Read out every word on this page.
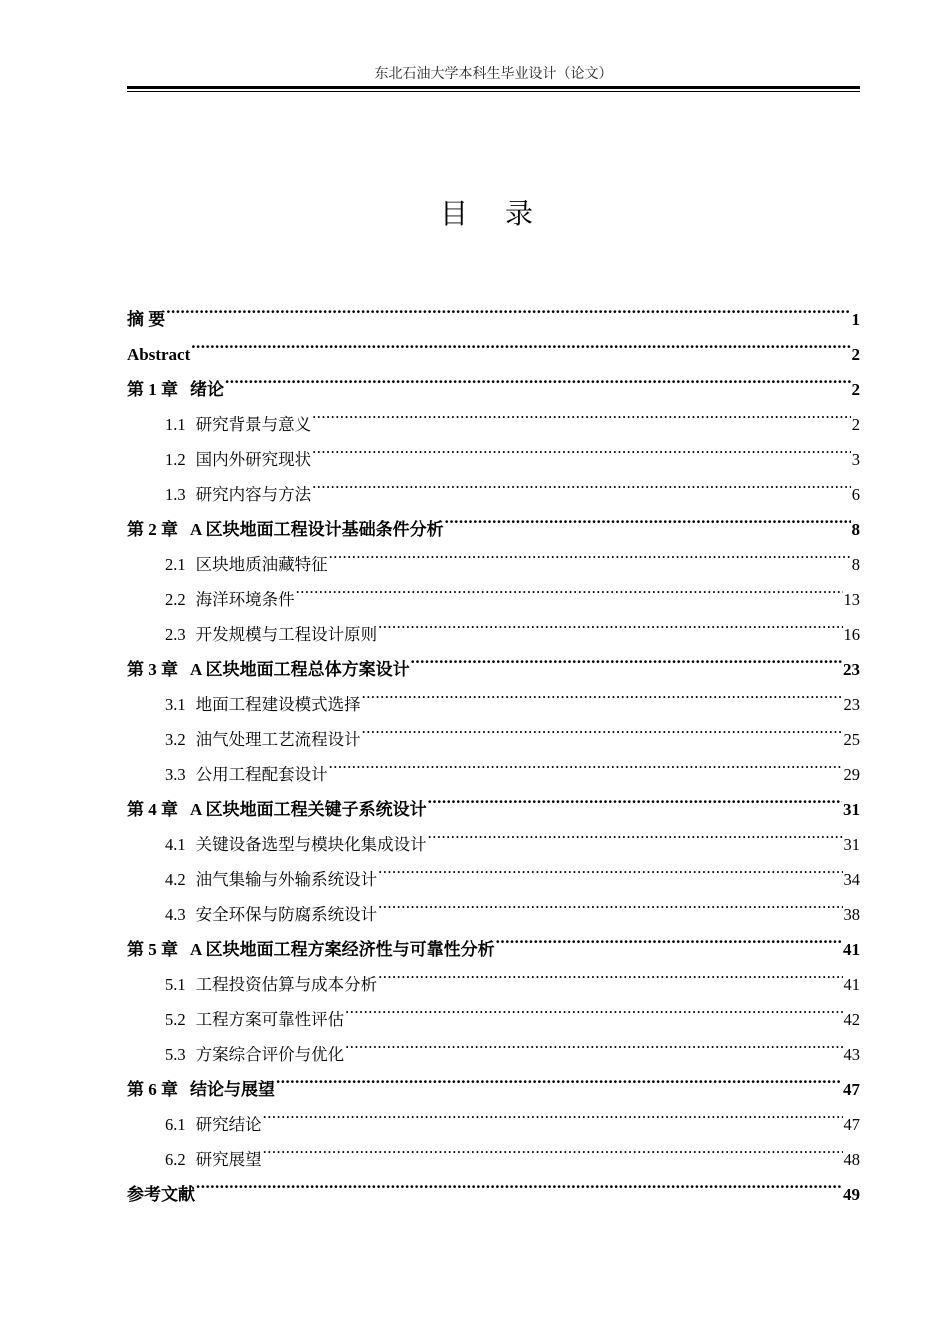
东北石油大学本科生毕业设计（论文）
目 录
摘 要 .....	1
Abstract .....	2
第 1 章 绪论 .....	2
1.1 研究背景与意义 .....	2
1.2 国内外研究现状 .....	3
1.3 研究内容与方法 .....	6
第 2 章 A 区块地面工程设计基础条件分析 .....	8
2.1 区块地质油藏特征 .....	8
2.2 海洋环境条件 .....	13
2.3 开发规模与工程设计原则 .....	16
第 3 章 A 区块地面工程总体方案设计 .....	23
3.1 地面工程建设模式选择 .....	23
3.2 油气处理工艺流程设计 .....	25
3.3 公用工程配套设计 .....	29
第 4 章 A 区块地面工程关键子系统设计 .....	31
4.1 关键设备选型与模块化集成设计 .....	31
4.2 油气集输与外输系统设计 .....	34
4.3 安全环保与防腐系统设计 .....	38
第 5 章 A 区块地面工程方案经济性与可靠性分析 .....	41
5.1 工程投资估算与成本分析 .....	41
5.2 工程方案可靠性评估 .....	42
5.3 方案综合评价与优化 .....	43
第 6 章 结论与展望 .....	47
6.1 研究结论 .....	47
6.2 研究展望 .....	48
参考文献 .....	49
